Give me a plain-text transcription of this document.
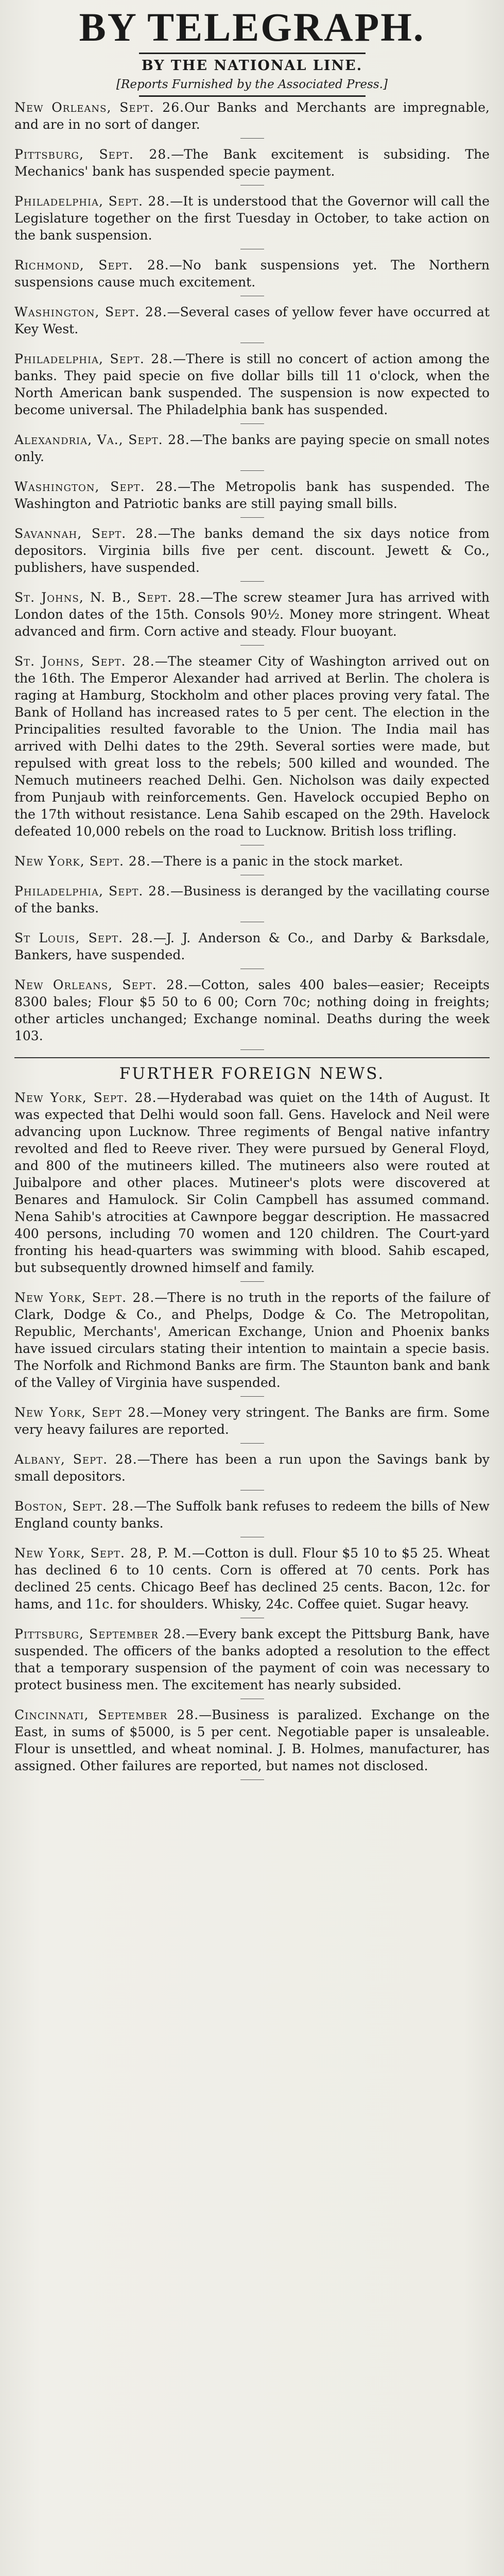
BY TELEGRAPH.
BY THE NATIONAL LINE.
[Reports Furnished by the Associated Press.]

New Orleans, Sept. 26.Our Banks and Merchants are impregnable, and are in no sort of danger.

Pittsburg, Sept. 28.—The Bank excitement is subsiding. The Mechanics' bank has suspended specie payment.

Philadelphia, Sept. 28.—It is understood that the Governor will call the Legislature together on the first Tuesday in October, to take action on the bank suspension.

Richmond, Sept. 28.—No bank suspensions yet. The Northern suspensions cause much excitement.

Washington, Sept. 28.—Several cases of yellow fever have occurred at Key West.

Philadelphia, Sept. 28.—There is still no concert of action among the banks. They paid specie on five dollar bills till 11 o'clock, when the North American bank suspended. The suspension is now expected to become universal. The Philadelphia bank has suspended.

Alexandria, Va., Sept. 28.—The banks are paying specie on small notes only.

Washington, Sept. 28.—The Metropolis bank has suspended. The Washington and Patriotic banks are still paying small bills.

Savannah, Sept. 28.—The banks demand the six days notice from depositors. Virginia bills five per cent. discount. Jewett & Co., publishers, have suspended.

St. Johns, N. B., Sept. 28.—The screw steamer Jura has arrived with London dates of the 15th. Consols 90½. Money more stringent. Wheat advanced and firm. Corn active and steady. Flour buoyant.

St. Johns, Sept. 28.—The steamer City of Washington arrived out on the 16th. The Emperor Alexander had arrived at Berlin. The cholera is raging at Hamburg, Stockholm and other places proving very fatal. The Bank of Holland has increased rates to 5 per cent. The election in the Principalities resulted favorable to the Union. The India mail has arrived with Delhi dates to the 29th. Several sorties were made, but repulsed with great loss to the rebels; 500 killed and wounded. The Nemuch mutineers reached Delhi. Gen. Nicholson was daily expected from Punjaub with reinforcements. Gen. Havelock occupied Bepho on the 17th without resistance. Lena Sahib escaped on the 29th. Havelock defeated 10,000 rebels on the road to Lucknow. British loss trifling.

New York, Sept. 28.—There is a panic in the stock market.

Philadelphia, Sept. 28.—Business is deranged by the vacillating course of the banks.

St Louis, Sept. 28.—J. J. Anderson & Co., and Darby & Barksdale, Bankers, have suspended.

New Orleans, Sept. 28.—Cotton, sales 400 bales—easier; Receipts 8300 bales; Flour $5 50 to 6 00; Corn 70c; nothing doing in freights; other articles unchanged; Exchange nominal. Deaths during the week 103.

FURTHER FOREIGN NEWS.

New York, Sept. 28.—Hyderabad was quiet on the 14th of August. It was expected that Delhi would soon fall. Gens. Havelock and Neil were advancing upon Lucknow. Three regiments of Bengal native infantry revolted and fled to Reeve river. They were pursued by General Floyd, and 800 of the mutineers killed. The mutineers also were routed at Juibalpore and other places. Mutineer's plots were discovered at Benares and Hamulock. Sir Colin Campbell has assumed command. Nena Sahib's atrocities at Cawnpore beggar description. He massacred 400 persons, including 70 women and 120 children. The Court-yard fronting his head-quarters was swimming with blood. Sahib escaped, but subsequently drowned himself and family.

New York, Sept. 28.—There is no truth in the reports of the failure of Clark, Dodge & Co., and Phelps, Dodge & Co. The Metropolitan, Republic, Merchants', American Exchange, Union and Phoenix banks have issued circulars stating their intention to maintain a specie basis. The Norfolk and Richmond Banks are firm. The Staunton bank and bank of the Valley of Virginia have suspended.

New York, Sept 28.—Money very stringent. The Banks are firm. Some very heavy failures are reported.

Albany, Sept. 28.—There has been a run upon the Savings bank by small depositors.

Boston, Sept. 28.—The Suffolk bank refuses to redeem the bills of New England county banks.

New York, Sept. 28, P. M.—Cotton is dull. Flour $5 10 to $5 25. Wheat has declined 6 to 10 cents. Corn is offered at 70 cents. Pork has declined 25 cents. Chicago Beef has declined 25 cents. Bacon, 12c. for hams, and 11c. for shoulders. Whisky, 24c. Coffee quiet. Sugar heavy.

Pittsburg, September 28.—Every bank except the Pittsburg Bank, have suspended. The officers of the banks adopted a resolution to the effect that a temporary suspension of the payment of coin was necessary to protect business men. The excitement has nearly subsided.

Cincinnati, September 28.—Business is paralized. Exchange on the East, in sums of $5000, is 5 per cent. Negotiable paper is unsaleable. Flour is unsettled, and wheat nominal. J. B. Holmes, manufacturer, has assigned. Other failures are reported, but names not disclosed.
